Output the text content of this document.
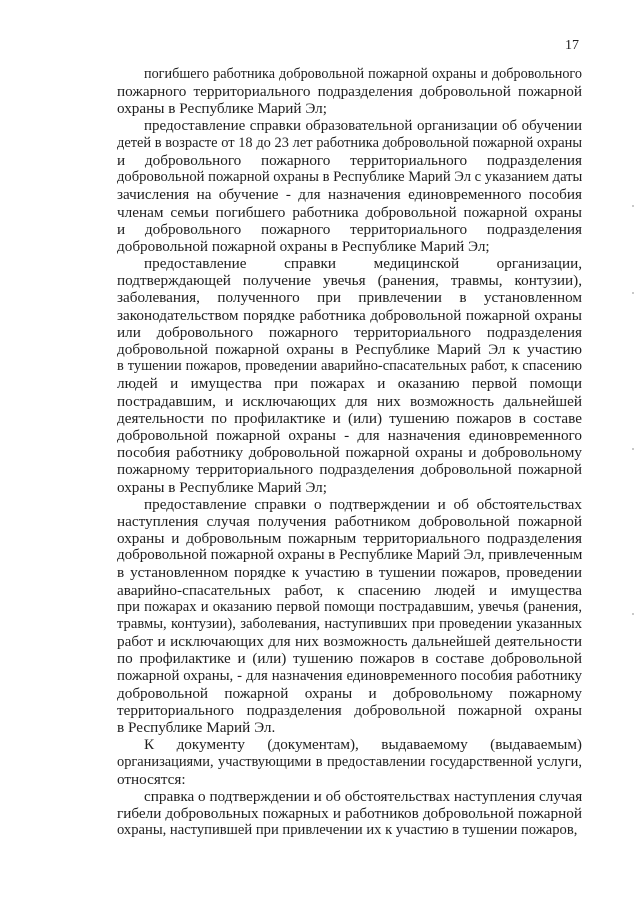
17
погибшего работника добровольной пожарной охраны и добровольного
пожарного территориального подразделения добровольной пожарной
охраны в Республике Марий Эл;
предоставление справки образовательной организации об обучении
детей в возрасте от 18 до 23 лет работника добровольной пожарной охраны
и добровольного пожарного территориального подразделения
добровольной пожарной охраны в Республике Марий Эл с указанием даты
зачисления на обучение - для назначения единовременного пособия
членам семьи погибшего работника добровольной пожарной охраны
и добровольного пожарного территориального подразделения
добровольной пожарной охраны в Республике Марий Эл;
предоставление справки медицинской организации,
подтверждающей получение увечья (ранения, травмы, контузии),
заболевания, полученного при привлечении в установленном
законодательством порядке работника добровольной пожарной охраны
или добровольного пожарного территориального подразделения
добровольной пожарной охраны в Республике Марий Эл к участию
в тушении пожаров, проведении аварийно-спасательных работ, к спасению
людей и имущества при пожарах и оказанию первой помощи
пострадавшим, и исключающих для них возможность дальнейшей
деятельности по профилактике и (или) тушению пожаров в составе
добровольной пожарной охраны - для назначения единовременного
пособия работнику добровольной пожарной охраны и добровольному
пожарному территориального подразделения добровольной пожарной
охраны в Республике Марий Эл;
предоставление справки о подтверждении и об обстоятельствах
наступления случая получения работником добровольной пожарной
охраны и добровольным пожарным территориального подразделения
добровольной пожарной охраны в Республике Марий Эл, привлеченным
в установленном порядке к участию в тушении пожаров, проведении
аварийно-спасательных работ, к спасению людей и имущества
при пожарах и оказанию первой помощи пострадавшим, увечья (ранения,
травмы, контузии), заболевания, наступивших при проведении указанных
работ и исключающих для них возможность дальнейшей деятельности
по профилактике и (или) тушению пожаров в составе добровольной
пожарной охраны, - для назначения единовременного пособия работнику
добровольной пожарной охраны и добровольному пожарному
территориального подразделения добровольной пожарной охраны
в Республике Марий Эл.
К документу (документам), выдаваемому (выдаваемым)
организациями, участвующими в предоставлении государственной услуги,
относятся:
справка о подтверждении и об обстоятельствах наступления случая
гибели добровольных пожарных и работников добровольной пожарной
охраны, наступившей при привлечении их к участию в тушении пожаров,
